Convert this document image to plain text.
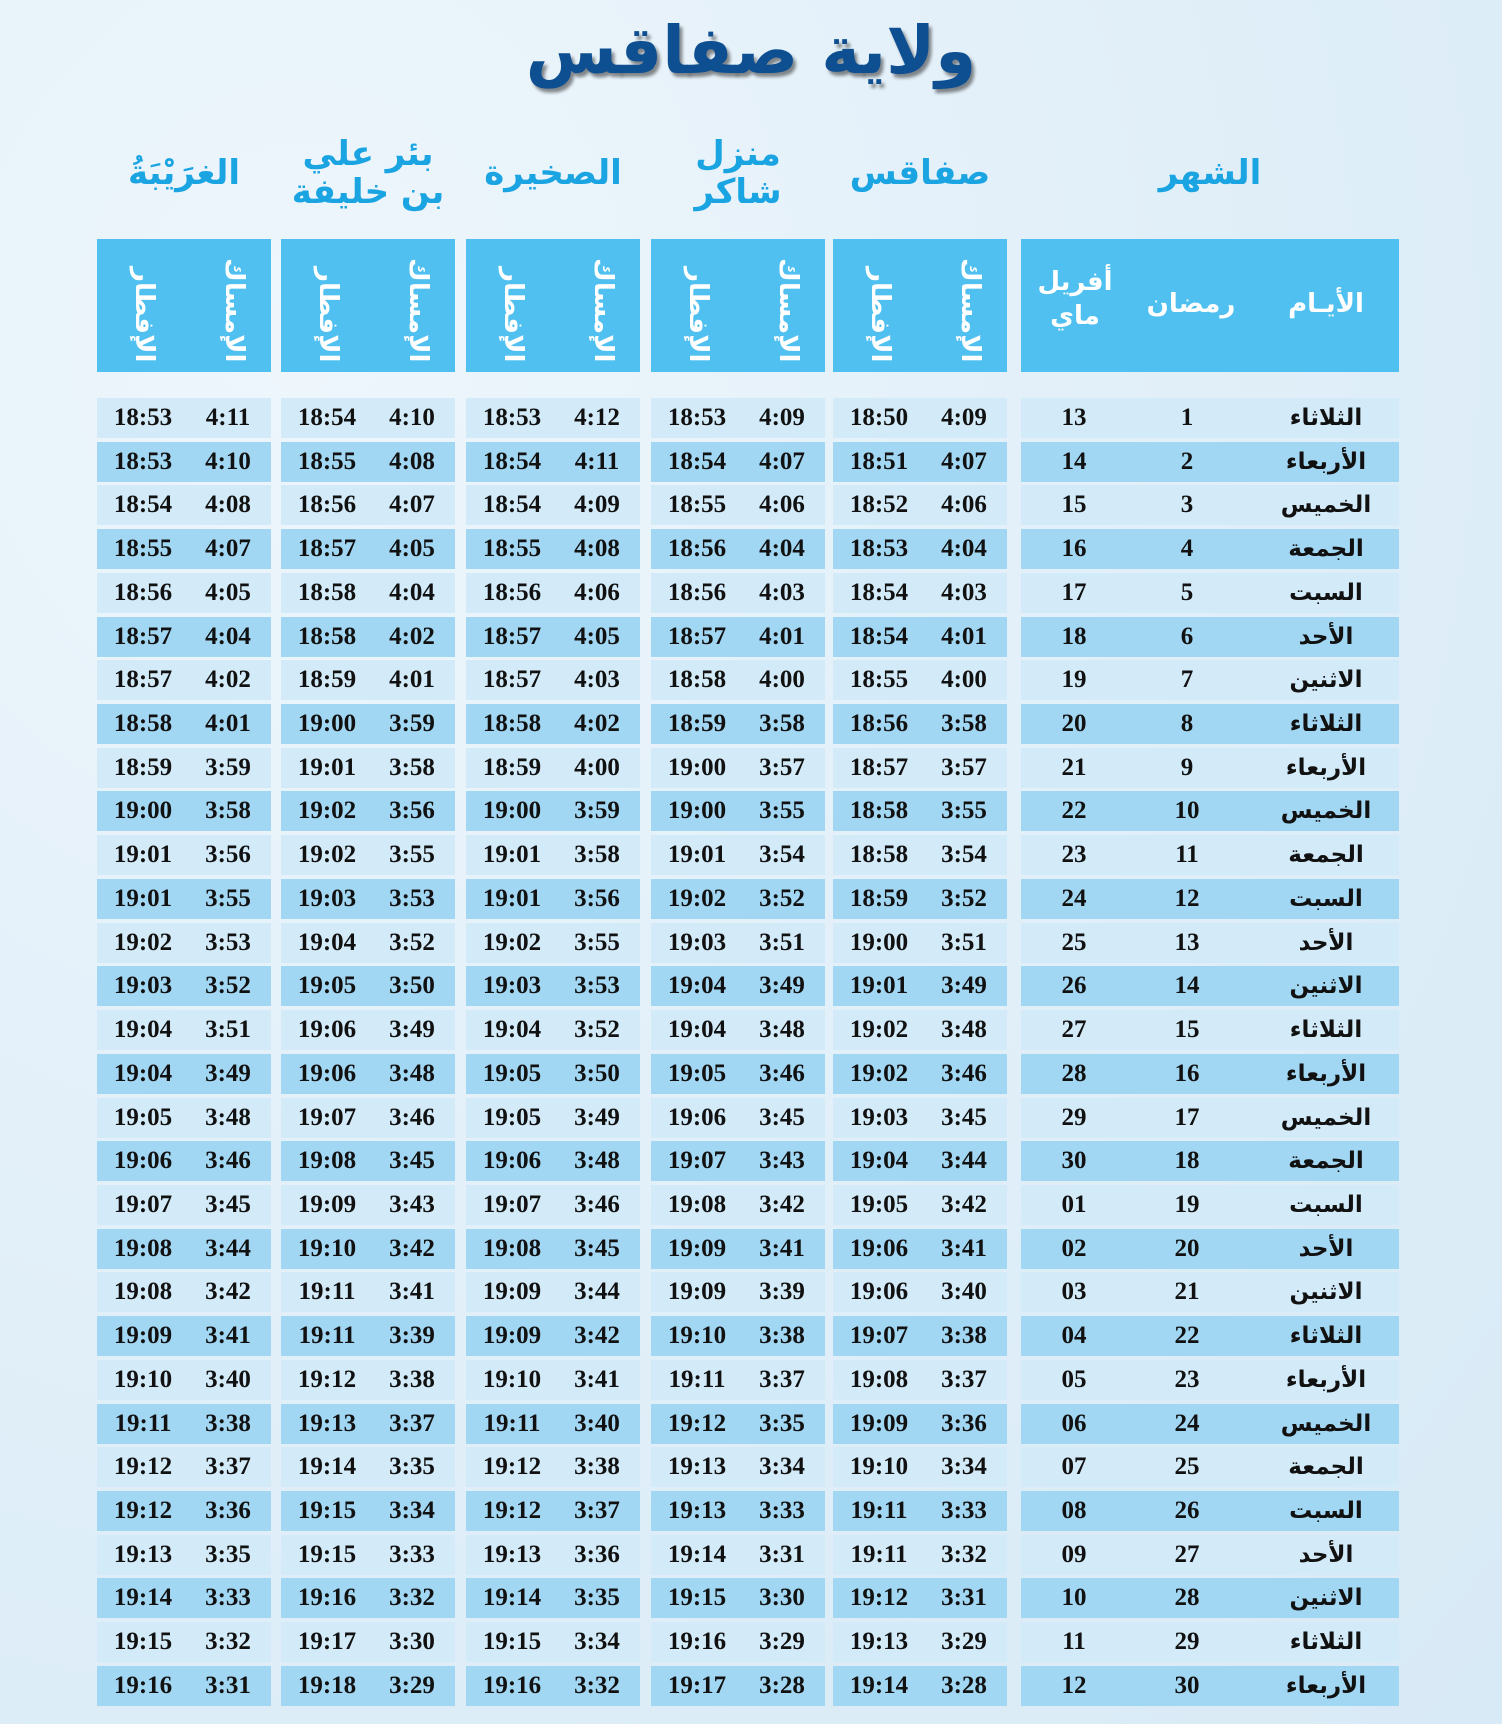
ولاية صفاقس
الشهر
صفاقس
منزل
شاكر
الصخيرة
بئر علي
بن خليفة
الغرَيْبَةُ
الأيـام
رمضان
أفريل
ماي
الإمساك
الإفطار
الإمساك
الإفطار
الإمساك
الإفطار
الإمساك
الإفطار
الإمساك
الإفطار
الثلاثاء
1
13
4:09
18:50
4:09
18:53
4:12
18:53
4:10
18:54
4:11
18:53
الأربعاء
2
14
4:07
18:51
4:07
18:54
4:11
18:54
4:08
18:55
4:10
18:53
الخميس
3
15
4:06
18:52
4:06
18:55
4:09
18:54
4:07
18:56
4:08
18:54
الجمعة
4
16
4:04
18:53
4:04
18:56
4:08
18:55
4:05
18:57
4:07
18:55
السبت
5
17
4:03
18:54
4:03
18:56
4:06
18:56
4:04
18:58
4:05
18:56
الأحد
6
18
4:01
18:54
4:01
18:57
4:05
18:57
4:02
18:58
4:04
18:57
الاثنين
7
19
4:00
18:55
4:00
18:58
4:03
18:57
4:01
18:59
4:02
18:57
الثلاثاء
8
20
3:58
18:56
3:58
18:59
4:02
18:58
3:59
19:00
4:01
18:58
الأربعاء
9
21
3:57
18:57
3:57
19:00
4:00
18:59
3:58
19:01
3:59
18:59
الخميس
10
22
3:55
18:58
3:55
19:00
3:59
19:00
3:56
19:02
3:58
19:00
الجمعة
11
23
3:54
18:58
3:54
19:01
3:58
19:01
3:55
19:02
3:56
19:01
السبت
12
24
3:52
18:59
3:52
19:02
3:56
19:01
3:53
19:03
3:55
19:01
الأحد
13
25
3:51
19:00
3:51
19:03
3:55
19:02
3:52
19:04
3:53
19:02
الاثنين
14
26
3:49
19:01
3:49
19:04
3:53
19:03
3:50
19:05
3:52
19:03
الثلاثاء
15
27
3:48
19:02
3:48
19:04
3:52
19:04
3:49
19:06
3:51
19:04
الأربعاء
16
28
3:46
19:02
3:46
19:05
3:50
19:05
3:48
19:06
3:49
19:04
الخميس
17
29
3:45
19:03
3:45
19:06
3:49
19:05
3:46
19:07
3:48
19:05
الجمعة
18
30
3:44
19:04
3:43
19:07
3:48
19:06
3:45
19:08
3:46
19:06
السبت
19
01
3:42
19:05
3:42
19:08
3:46
19:07
3:43
19:09
3:45
19:07
الأحد
20
02
3:41
19:06
3:41
19:09
3:45
19:08
3:42
19:10
3:44
19:08
الاثنين
21
03
3:40
19:06
3:39
19:09
3:44
19:09
3:41
19:11
3:42
19:08
الثلاثاء
22
04
3:38
19:07
3:38
19:10
3:42
19:09
3:39
19:11
3:41
19:09
الأربعاء
23
05
3:37
19:08
3:37
19:11
3:41
19:10
3:38
19:12
3:40
19:10
الخميس
24
06
3:36
19:09
3:35
19:12
3:40
19:11
3:37
19:13
3:38
19:11
الجمعة
25
07
3:34
19:10
3:34
19:13
3:38
19:12
3:35
19:14
3:37
19:12
السبت
26
08
3:33
19:11
3:33
19:13
3:37
19:12
3:34
19:15
3:36
19:12
الأحد
27
09
3:32
19:11
3:31
19:14
3:36
19:13
3:33
19:15
3:35
19:13
الاثنين
28
10
3:31
19:12
3:30
19:15
3:35
19:14
3:32
19:16
3:33
19:14
الثلاثاء
29
11
3:29
19:13
3:29
19:16
3:34
19:15
3:30
19:17
3:32
19:15
الأربعاء
30
12
3:28
19:14
3:28
19:17
3:32
19:16
3:29
19:18
3:31
19:16
